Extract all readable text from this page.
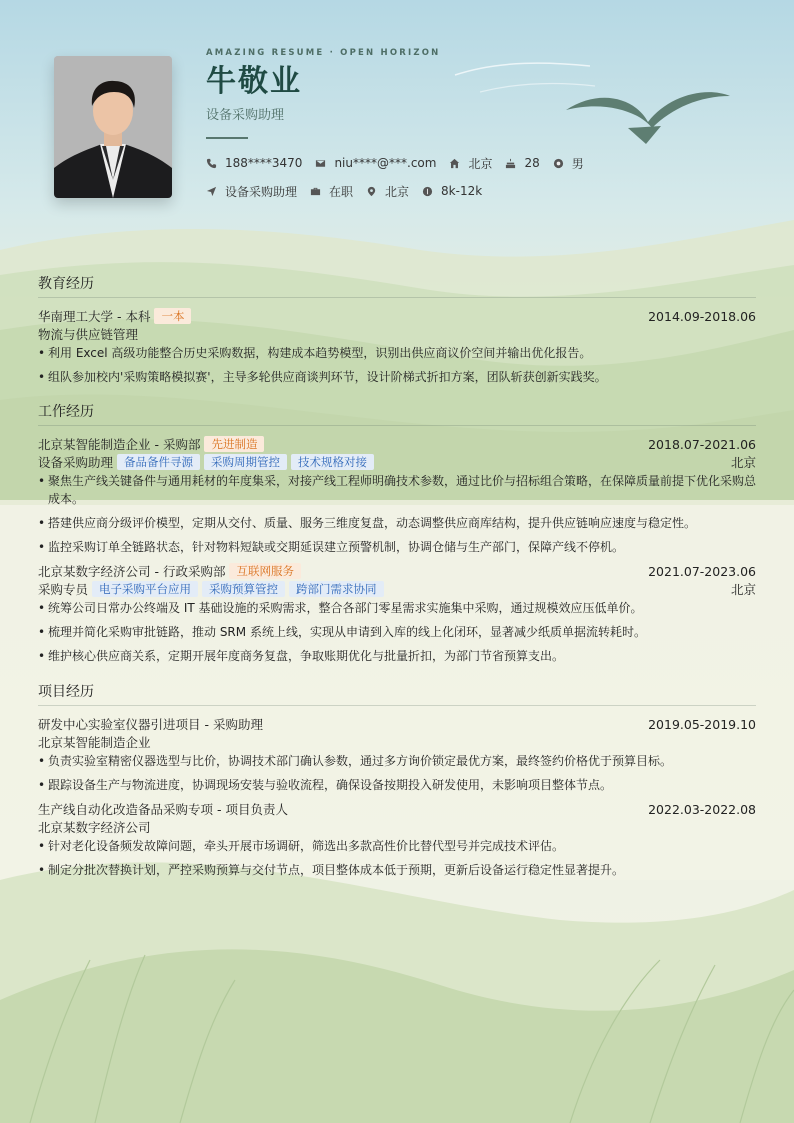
AMAZING RESUME · OPEN HORIZON
牛敬业
设备采购助理
188****3470	niu****@***.com	北京	28	男
设备采购助理	在职	北京	8k-12k
教育经历
华南理工大学 - 本科 一本	2014.09-2018.06
物流与供应链管理
• 利用 Excel 高级功能整合历史采购数据，构建成本趋势模型，识别出供应商议价空间并输出优化报告。
• 组队参加校内'采购策略模拟赛'，主导多轮供应商谈判环节，设计阶梯式折扣方案，团队斩获创新实践奖。
工作经历
北京某智能制造企业 - 采购部 先进制造	2018.07-2021.06
设备采购助理 备品备件寻源	采购周期管控	技术规格对接	北京
• 聚焦生产线关键备件与通用耗材的年度集采，对接产线工程师明确技术参数，通过比价与招标组合策略，在保障质量前提下优化采购总成本。
• 搭建供应商分级评价模型，定期从交付、质量、服务三维度复盘，动态调整供应商库结构，提升供应链响应速度与稳定性。
• 监控采购订单全链路状态，针对物料短缺或交期延误建立预警机制，协调仓储与生产部门，保障产线不停机。
北京某数字经济公司 - 行政采购部 互联网服务	2021.07-2023.06
采购专员 电子采购平台应用	采购预算管控	跨部门需求协同	北京
• 统筹公司日常办公终端及 IT 基础设施的采购需求，整合各部门零星需求实施集中采购，通过规模效应压低单价。
• 梳理并简化采购审批链路，推动 SRM 系统上线，实现从申请到入库的线上化闭环，显著减少纸质单据流转耗时。
• 维护核心供应商关系，定期开展年度商务复盘，争取账期优化与批量折扣，为部门节省预算支出。
项目经历
研发中心实验室仪器引进项目 - 采购助理	2019.05-2019.10
北京某智能制造企业
• 负责实验室精密仪器选型与比价，协调技术部门确认参数，通过多方询价锁定最优方案，最终签约价格优于预算目标。
• 跟踪设备生产与物流进度，协调现场安装与验收流程，确保设备按期投入研发使用，未影响项目整体节点。
生产线自动化改造备品采购专项 - 项目负责人	2022.03-2022.08
北京某数字经济公司
• 针对老化设备频发故障问题，牵头开展市场调研，筛选出多款高性价比替代型号并完成技术评估。
• 制定分批次替换计划，严控采购预算与交付节点，项目整体成本低于预期，更新后设备运行稳定性显著提升。
